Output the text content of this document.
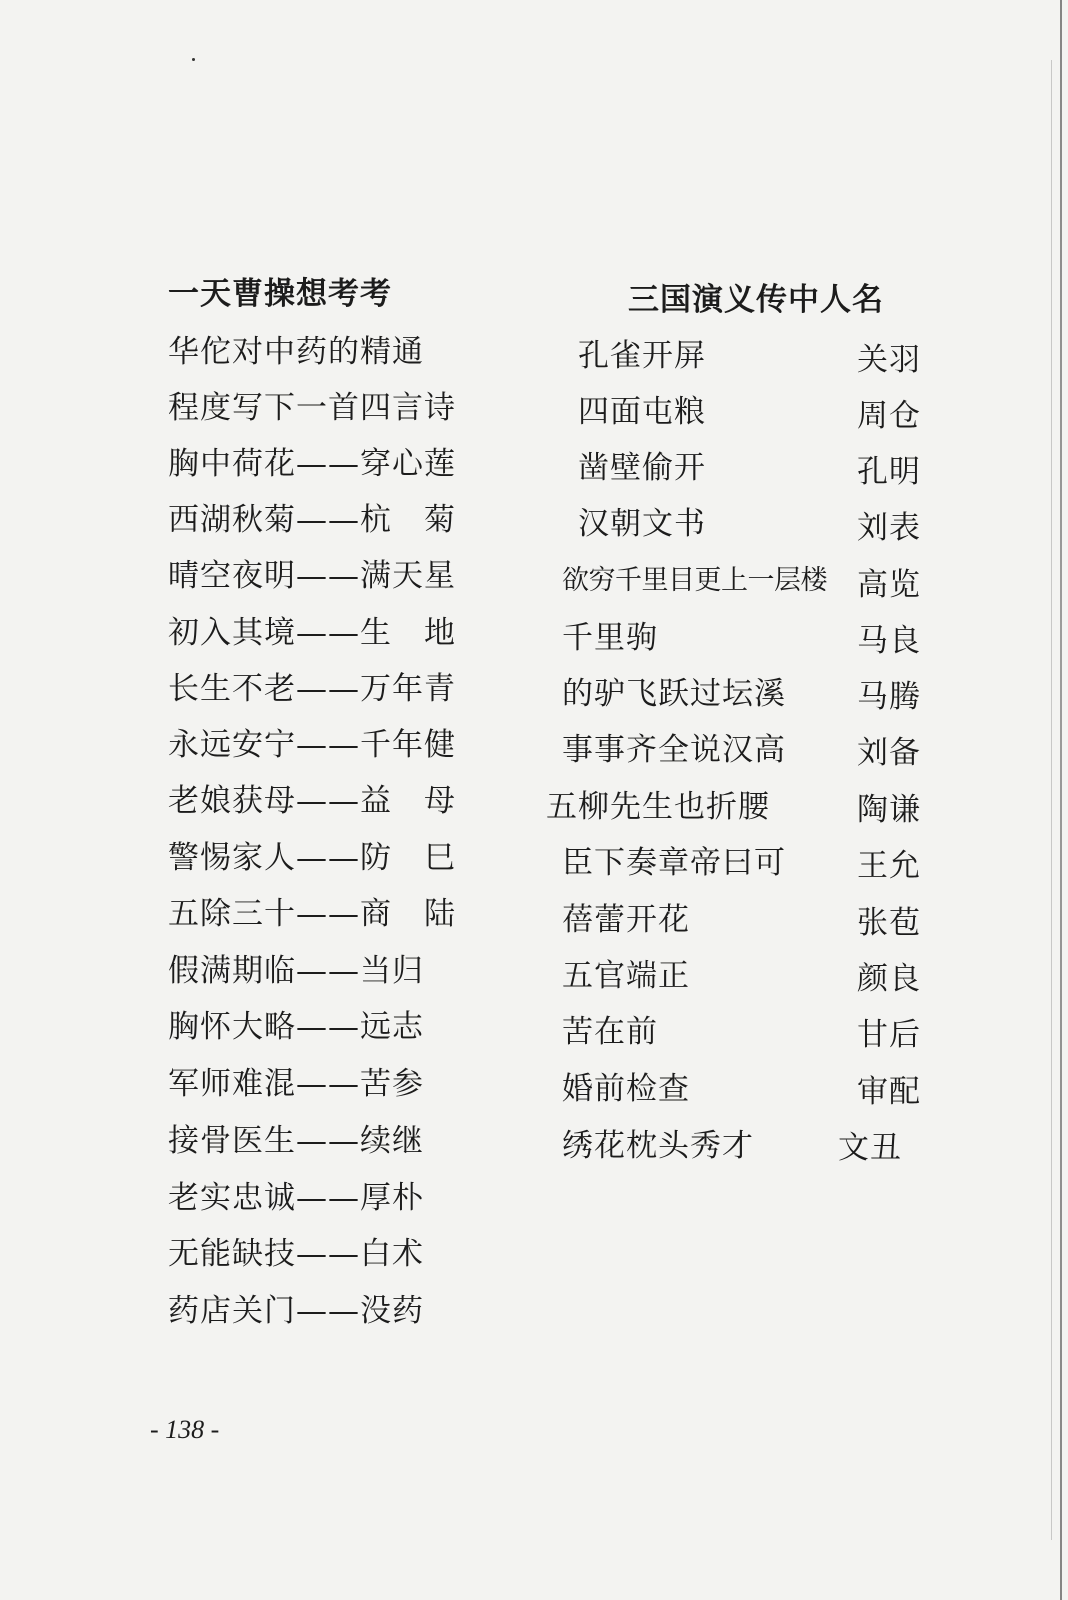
一天曹操想考考
华佗对中药的精通
程度写下一首四言诗
胸中荷花——穿心莲
西湖秋菊——杭　菊
晴空夜明——满天星
初入其境——生　地
长生不老——万年青
永远安宁——千年健
老娘获母——益　母
警惕家人——防　巳
五除三十——商　陆
假满期临——当归
胸怀大略——远志
军师难混——苦参
接骨医生——续继
老实忠诚——厚朴
无能缺技——白术
药店关门——没药
三国演义传中人名
孔雀开屏	关羽
四面屯粮	周仓
凿壁偷开	孔明
汉朝文书	刘表
欲穷千里目更上一层楼 高览
千里驹	马良
的驴飞跃过坛溪 马腾
事事齐全说汉高 刘备
五柳先生也折腰	陶谦
臣下奏章帝曰可 王允
蓓蕾开花	张苞
五官端正	颜良
苦在前	甘后
婚前检查	审配
绣花枕头秀才	文丑
- 138 -
